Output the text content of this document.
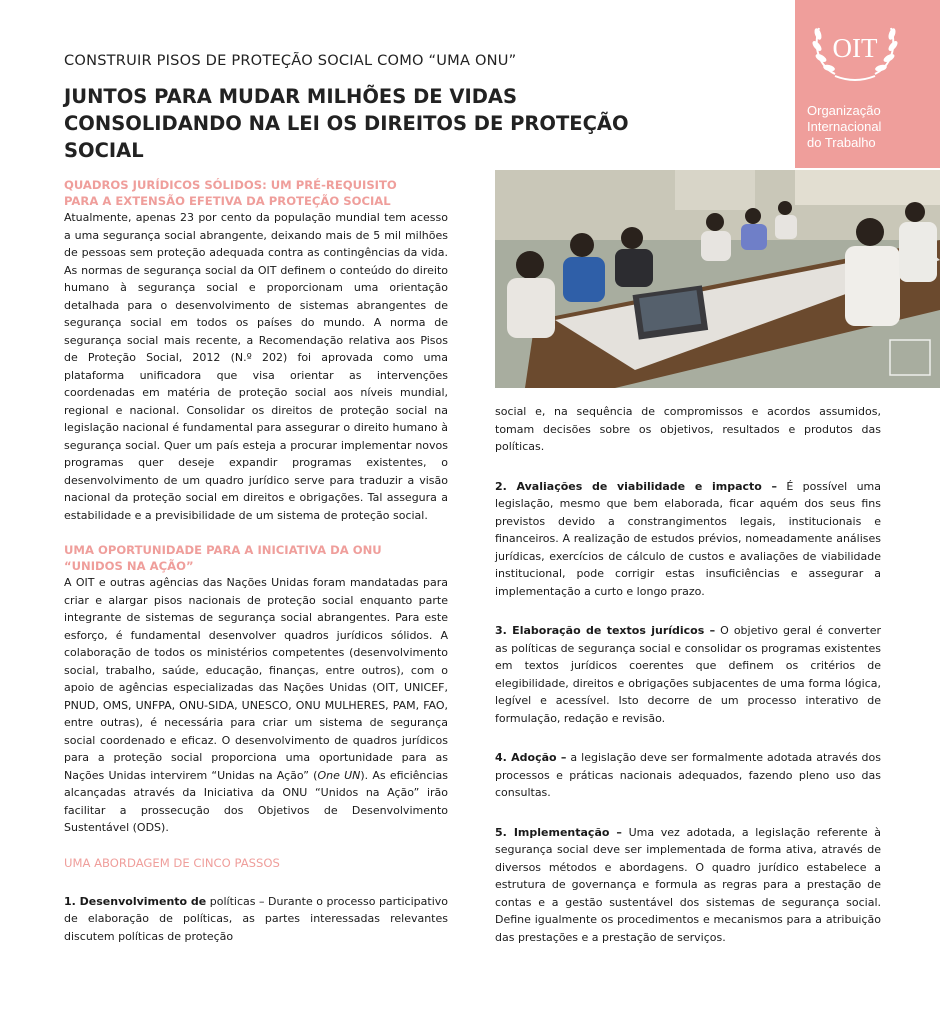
OIT
Organização
Internacional
do Trabalho
CONSTRUIR PISOS DE PROTEÇÃO SOCIAL COMO “UMA ONU”
JUNTOS PARA MUDAR MILHÕES DE VIDAS
CONSOLIDANDO NA LEI OS DIREITOS DE PROTEÇÃO
SOCIAL
QUADROS JURÍDICOS SÓLIDOS: UM PRÉ-REQUISITO
PARA A EXTENSÃO EFETIVA DA PROTEÇÃO SOCIAL

Atualmente, apenas 23 por cento da população mundial tem acesso a uma segurança social abrangente, deixando mais de 5 mil milhões de pessoas sem proteção adequada contra as contingências da vida. As normas de segurança social da OIT definem o conteúdo do direito humano à segurança social e proporcionam uma orientação detalhada para o desenvolvimento de sistemas abrangentes de segurança social em todos os países do mundo. A norma de segurança social mais recente, a Recomendação relativa aos Pisos de Proteção Social, 2012 (N.º 202) foi aprovada como uma plataforma unificadora que visa orientar as intervenções coordenadas em matéria de proteção social aos níveis mundial, regional e nacional. Consolidar os direitos de proteção social na legislação nacional é fundamental para assegurar o direito humano à segurança social. Quer um país esteja a procurar implementar novos programas quer deseje expandir programas existentes, o desenvolvimento de um quadro jurídico serve para traduzir a visão nacional da proteção social em direitos e obrigações. Tal assegura a estabilidade e a previsibilidade de um sistema de proteção social.

UMA OPORTUNIDADE PARA A INICIATIVA DA ONU
“UNIDOS NA AÇÃO”

A OIT e outras agências das Nações Unidas foram mandatadas para criar e alargar pisos nacionais de proteção social enquanto parte integrante de sistemas de segurança social abrangentes. Para este esforço, é fundamental desenvolver quadros jurídicos sólidos. A colaboração de todos os ministérios competentes (desenvolvimento social, trabalho, saúde, educação, finanças, entre outros), com o apoio de agências especializadas das Nações Unidas (OIT, UNICEF, PNUD, OMS, UNFPA, ONU-SIDA, UNESCO, ONU MULHERES, PAM, FAO, entre outras), é necessária para criar um sistema de segurança social coordenado e eficaz. O desenvolvimento de quadros jurídicos para a proteção social proporciona uma oportunidade para as Nações Unidas intervirem “Unidas na Ação” (One UN). As eficiências alcançadas através da Iniciativa da ONU “Unidos na Ação” irão facilitar a prossecução dos Objetivos de Desenvolvimento Sustentável (ODS).

UMA ABORDAGEM DE CINCO PASSOS

1. Desenvolvimento de políticas – Durante o processo participativo de elaboração de políticas, as partes interessadas relevantes discutem políticas de proteção

social e, na sequência de compromissos e acordos assumidos, tomam decisões sobre os objetivos, resultados e produtos das políticas.

2. Avaliações de viabilidade e impacto – É possível uma legislação, mesmo que bem elaborada, ficar aquém dos seus fins previstos devido a constrangimentos legais, institucionais e financeiros. A realização de estudos prévios, nomeadamente análises jurídicas, exercícios de cálculo de custos e avaliações de viabilidade institucional, pode corrigir estas insuficiências e assegurar a implementação a curto e longo prazo.

3. Elaboração de textos jurídicos – O objetivo geral é converter as políticas de segurança social e consolidar os programas existentes em textos jurídicos coerentes que definem os critérios de elegibilidade, direitos e obrigações subjacentes de uma forma lógica, legível e acessível. Isto decorre de um processo interativo de formulação, redação e revisão.

4. Adoção – a legislação deve ser formalmente adotada através dos processos e práticas nacionais adequados, fazendo pleno uso das consultas.

5. Implementação – Uma vez adotada, a legislação referente à segurança social deve ser implementada de forma ativa, através de diversos métodos e abordagens. O quadro jurídico estabelece a estrutura de governança e formula as regras para a prestação de contas e a gestão sustentável dos sistemas de segurança social. Define igualmente os procedimentos e mecanismos para a atribuição das prestações e a prestação de serviços.
